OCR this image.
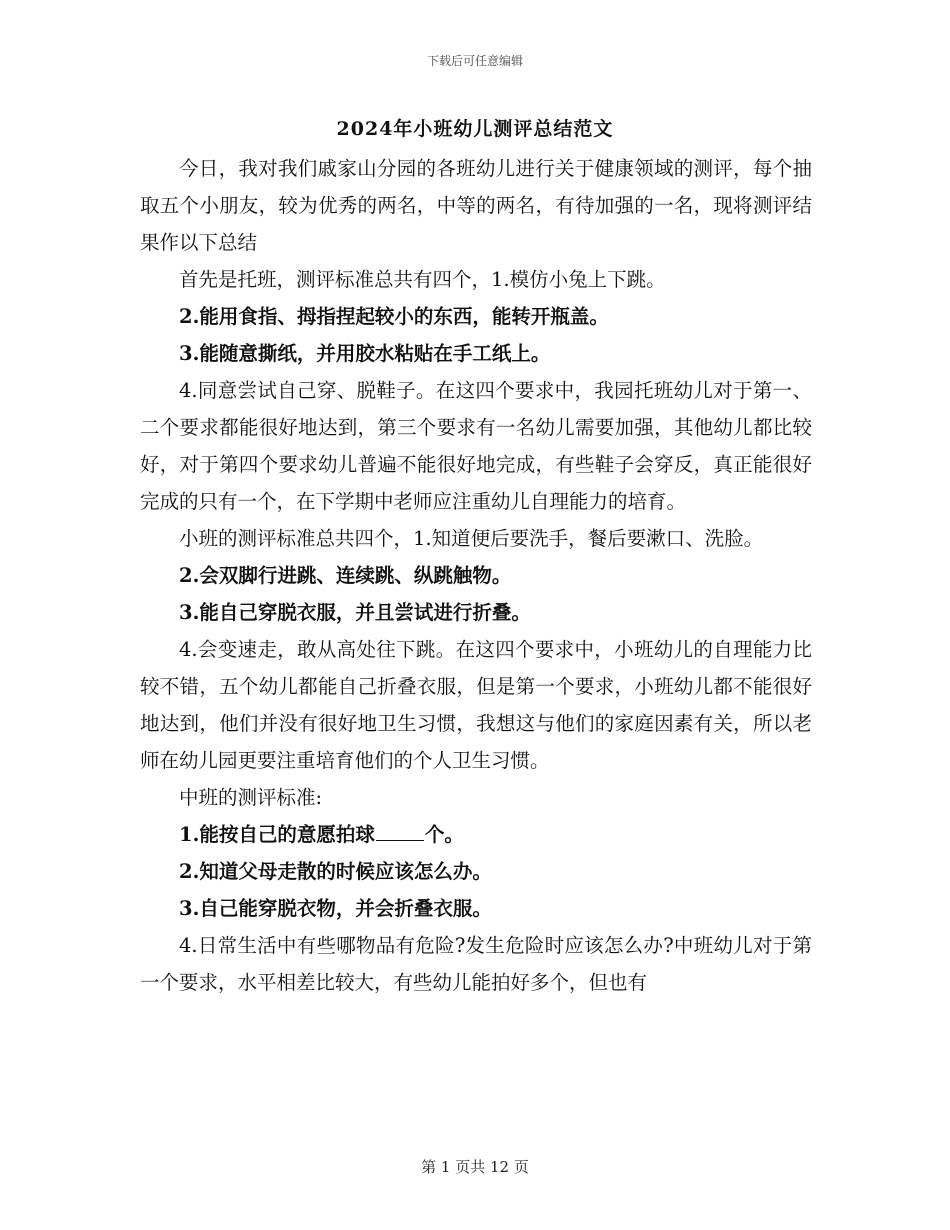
下载后可任意编辑
2024年小班幼儿测评总结范文

今日，我对我们戚家山分园的各班幼儿进行关于健康领域的测评，每个抽取五个小朋友，较为优秀的两名，中等的两名，有待加强的一名，现将测评结果作以下总结

首先是托班，测评标准总共有四个，1.模仿小兔上下跳。

2.能用食指、拇指捏起较小的东西，能转开瓶盖。

3.能随意撕纸，并用胶水粘贴在手工纸上。

4.同意尝试自己穿、脱鞋子。在这四个要求中，我园托班幼儿对于第一、二个要求都能很好地达到，第三个要求有一名幼儿需要加强，其他幼儿都比较好，对于第四个要求幼儿普遍不能很好地完成，有些鞋子会穿反，真正能很好完成的只有一个，在下学期中老师应注重幼儿自理能力的培育。

小班的测评标准总共四个，1.知道便后要洗手，餐后要漱口、洗脸。

2.会双脚行进跳、连续跳、纵跳触物。

3.能自己穿脱衣服，并且尝试进行折叠。

4.会变速走，敢从高处往下跳。在这四个要求中，小班幼儿的自理能力比较不错，五个幼儿都能自己折叠衣服，但是第一个要求，小班幼儿都不能很好地达到，他们并没有很好地卫生习惯，我想这与他们的家庭因素有关，所以老师在幼儿园更要注重培育他们的个人卫生习惯。

中班的测评标准:

1.能按自己的意愿拍球	个。

2.知道父母走散的时候应该怎么办。

3.自己能穿脱衣物，并会折叠衣服。

4.日常生活中有些哪物品有危险?发生危险时应该怎么办?中班幼儿对于第一个要求，水平相差比较大，有些幼儿能拍好多个，但也有

第 1 页共 12 页
